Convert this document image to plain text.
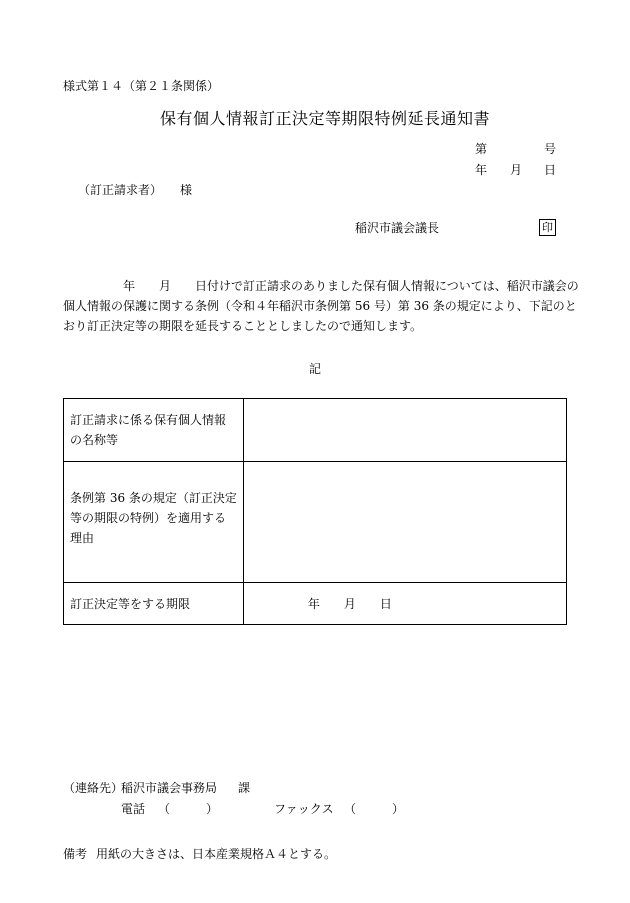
様式第１４（第２１条関係）
保有個人情報訂正決定等期限特例延長通知書
第	号
年 月 日
（訂正請求者） 様
稲沢市議会議長	印

　　　　　年　　月　　日付けで訂正請求のありました保有個人情報については、稲沢市議会の

個人情報の保護に関する条例（令和４年稲沢市条例第 56 号）第 36 条の規定により、下記のと

おり訂正決定等の期限を延長することとしましたので通知します。

記
訂正請求に係る保有個人情報
の名称等	

条例第 36 条の規定（訂正決定
等の期限の特例）を適用する
理由	

訂正決定等をする期限	年　　月　　日
（連絡先）
稲沢市議会事務局 課
電話 （　　　）	ファックス （　　　）
備考 用紙の大きさは、日本産業規格Ａ４とする。
